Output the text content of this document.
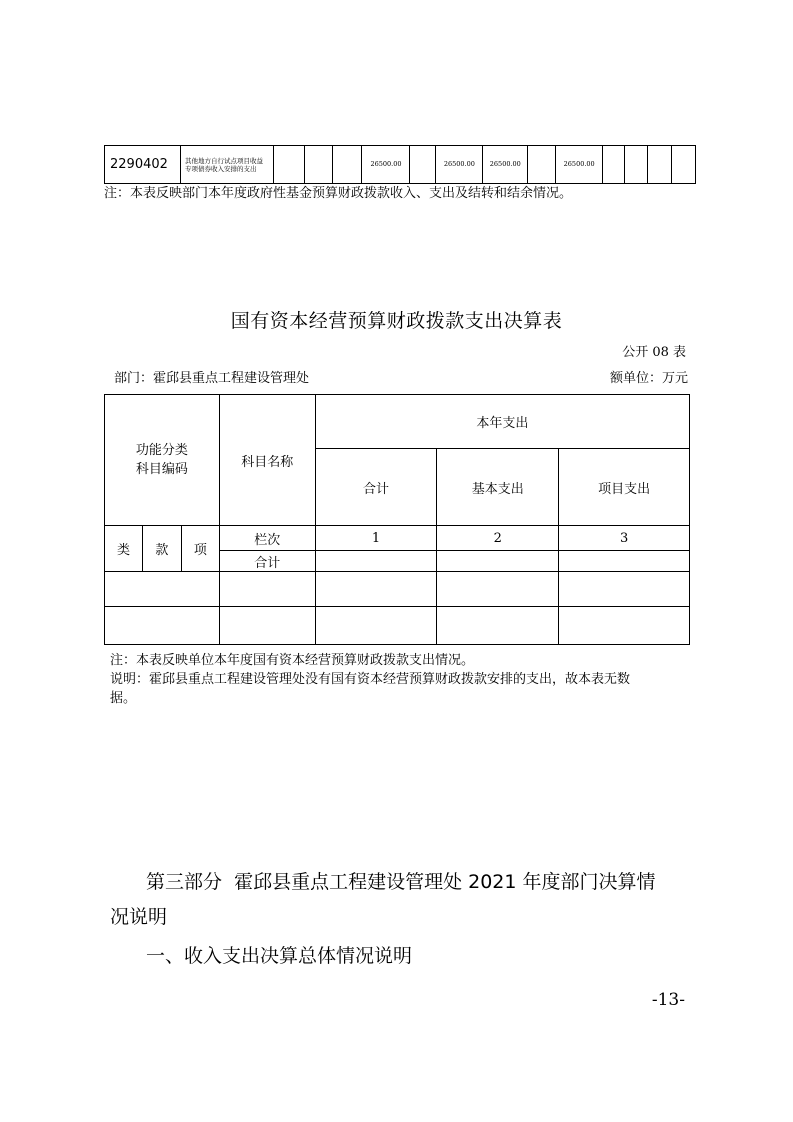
2290402	其他地方自行试点项目收益专项债券收入安排的支出				26500.00		26500.00	26500.00		26500.00				
注：本表反映部门本年度政府性基金预算财政拨款收入、支出及结转和结余情况。
国有资本经营预算财政拨款支出决算表
公开 08 表
部门：霍邱县重点工程建设管理处	额单位：万元
功能分类
科目编码			科目名称	本年支出		
				合计	基本支出	项目支出
类	款	项	栏次	1	2	3
			合计			

注：本表反映单位本年度国有资本经营预算财政拨款支出情况。
说明：霍邱县重点工程建设管理处没有国有资本经营预算财政拨款安排的支出，故本表无数
据。
第三部分  霍邱县重点工程建设管理处 2021 年度部门决算情
况说明
一、收入支出决算总体情况说明
-13-
